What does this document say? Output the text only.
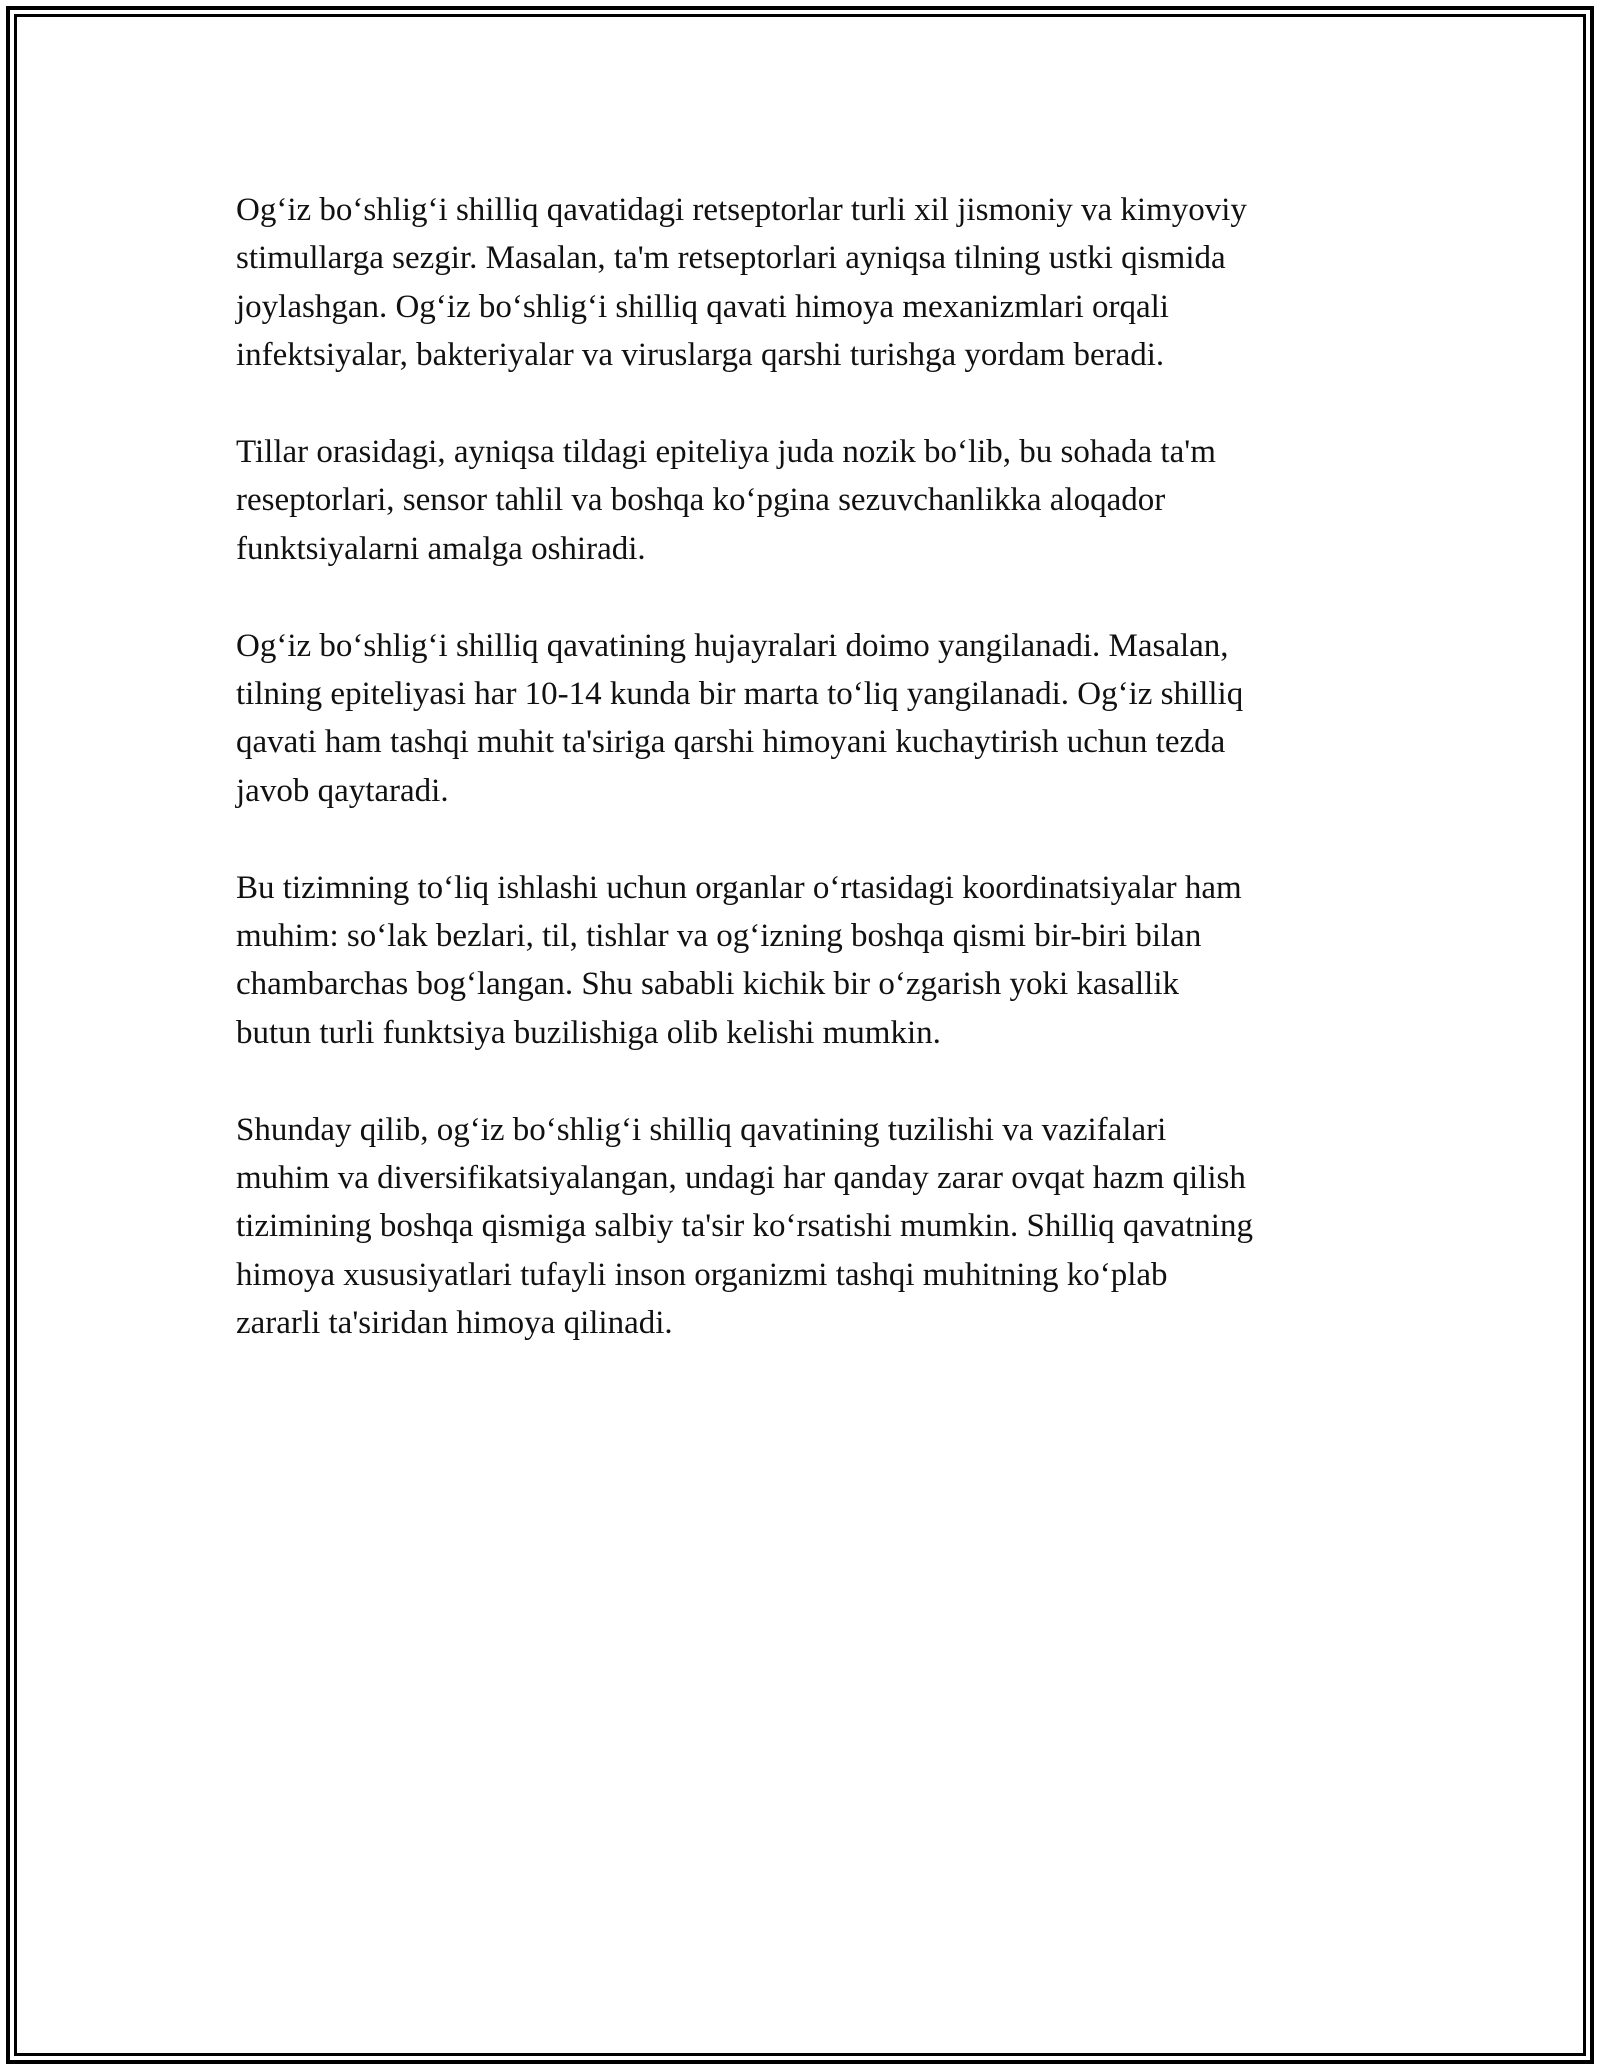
Og‘iz bo‘shlig‘i shilliq qavatidagi retseptorlar turli xil jismoniy va kimyoviy
stimullarga sezgir. Masalan, ta'm retseptorlari ayniqsa tilning ustki qismida
joylashgan. Og‘iz bo‘shlig‘i shilliq qavati himoya mexanizmlari orqali
infektsiyalar, bakteriyalar va viruslarga qarshi turishga yordam beradi.

Tillar orasidagi, ayniqsa tildagi epiteliya juda nozik bo‘lib, bu sohada ta'm
reseptorlari, sensor tahlil va boshqa ko‘pgina sezuvchanlikka aloqador
funktsiyalarni amalga oshiradi.

Og‘iz bo‘shlig‘i shilliq qavatining hujayralari doimo yangilanadi. Masalan,
tilning epiteliyasi har 10-14 kunda bir marta to‘liq yangilanadi. Og‘iz shilliq
qavati ham tashqi muhit ta'siriga qarshi himoyani kuchaytirish uchun tezda
javob qaytaradi.

Bu tizimning to‘liq ishlashi uchun organlar o‘rtasidagi koordinatsiyalar ham
muhim: so‘lak bezlari, til, tishlar va og‘izning boshqa qismi bir-biri bilan
chambarchas bog‘langan. Shu sababli kichik bir o‘zgarish yoki kasallik
butun turli funktsiya buzilishiga olib kelishi mumkin.

Shunday qilib, og‘iz bo‘shlig‘i shilliq qavatining tuzilishi va vazifalari
muhim va diversifikatsiyalangan, undagi har qanday zarar ovqat hazm qilish
tizimining boshqa qismiga salbiy ta'sir ko‘rsatishi mumkin. Shilliq qavatning
himoya xususiyatlari tufayli inson organizmi tashqi muhitning ko‘plab
zararli ta'siridan himoya qilinadi.
